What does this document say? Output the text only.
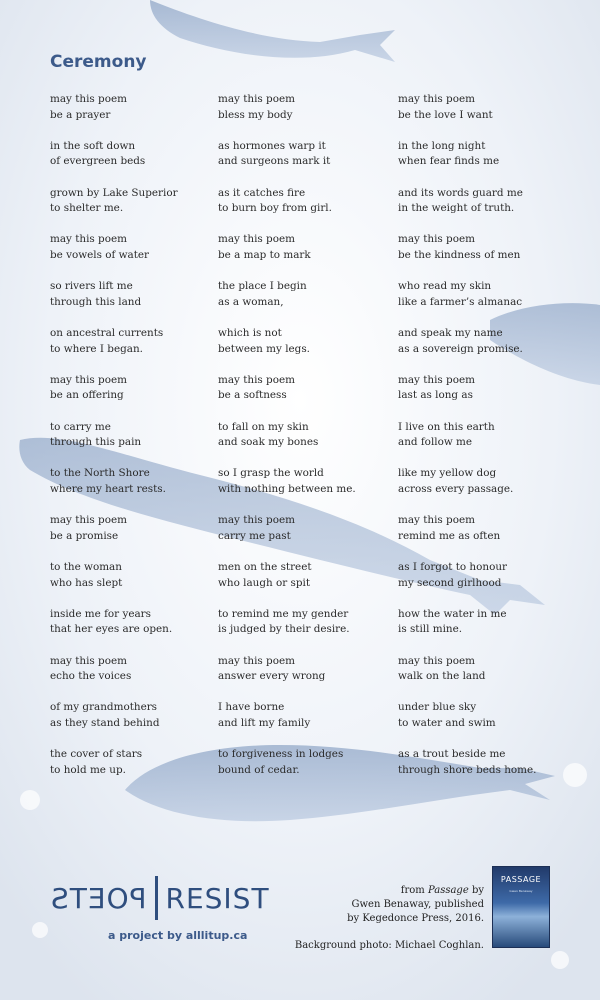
Ceremony
may this poem
be a prayer
in the soft down
of evergreen beds
grown by Lake Superior
to shelter me.
may this poem
be vowels of water
so rivers lift me
through this land
on ancestral currents
to where I began.
may this poem
be an offering
to carry me
through this pain
to the North Shore
where my heart rests.
may this poem
be a promise
to the woman
who has slept
inside me for years
that her eyes are open.
may this poem
echo the voices
of my grandmothers
as they stand behind
the cover of stars
to hold me up.
may this poem
bless my body
as hormones warp it
and surgeons mark it
as it catches fire
to burn boy from girl.
may this poem
be a map to mark
the place I begin
as a woman,
which is not
between my legs.
may this poem
be a softness
to fall on my skin
and soak my bones
so I grasp the world
with nothing between me.
may this poem
carry me past
men on the street
who laugh or spit
to remind me my gender
is judged by their desire.
may this poem
answer every wrong
I have borne
and lift my family
to forgiveness in lodges
bound of cedar.
may this poem
be the love I want
in the long night
when fear finds me
and its words guard me
in the weight of truth.
may this poem
be the kindness of men
who read my skin
like a farmer’s almanac
and speak my name
as a sovereign promise.
may this poem
last as long as
I live on this earth
and follow me
like my yellow dog
across every passage.
may this poem
remind me as often
as I forgot to honour
my second girlhood
how the water in me
is still mine.
may this poem
walk on the land
under blue sky
to water and swim
as a trout beside me
through shore beds home.
POETS RESIST
a project by alllitup.ca
from Passage by
Gwen Benaway, published
by Kegedonce Press, 2016.
Background photo: Michael Coghlan.
PASSAGE
Gwen Benaway
